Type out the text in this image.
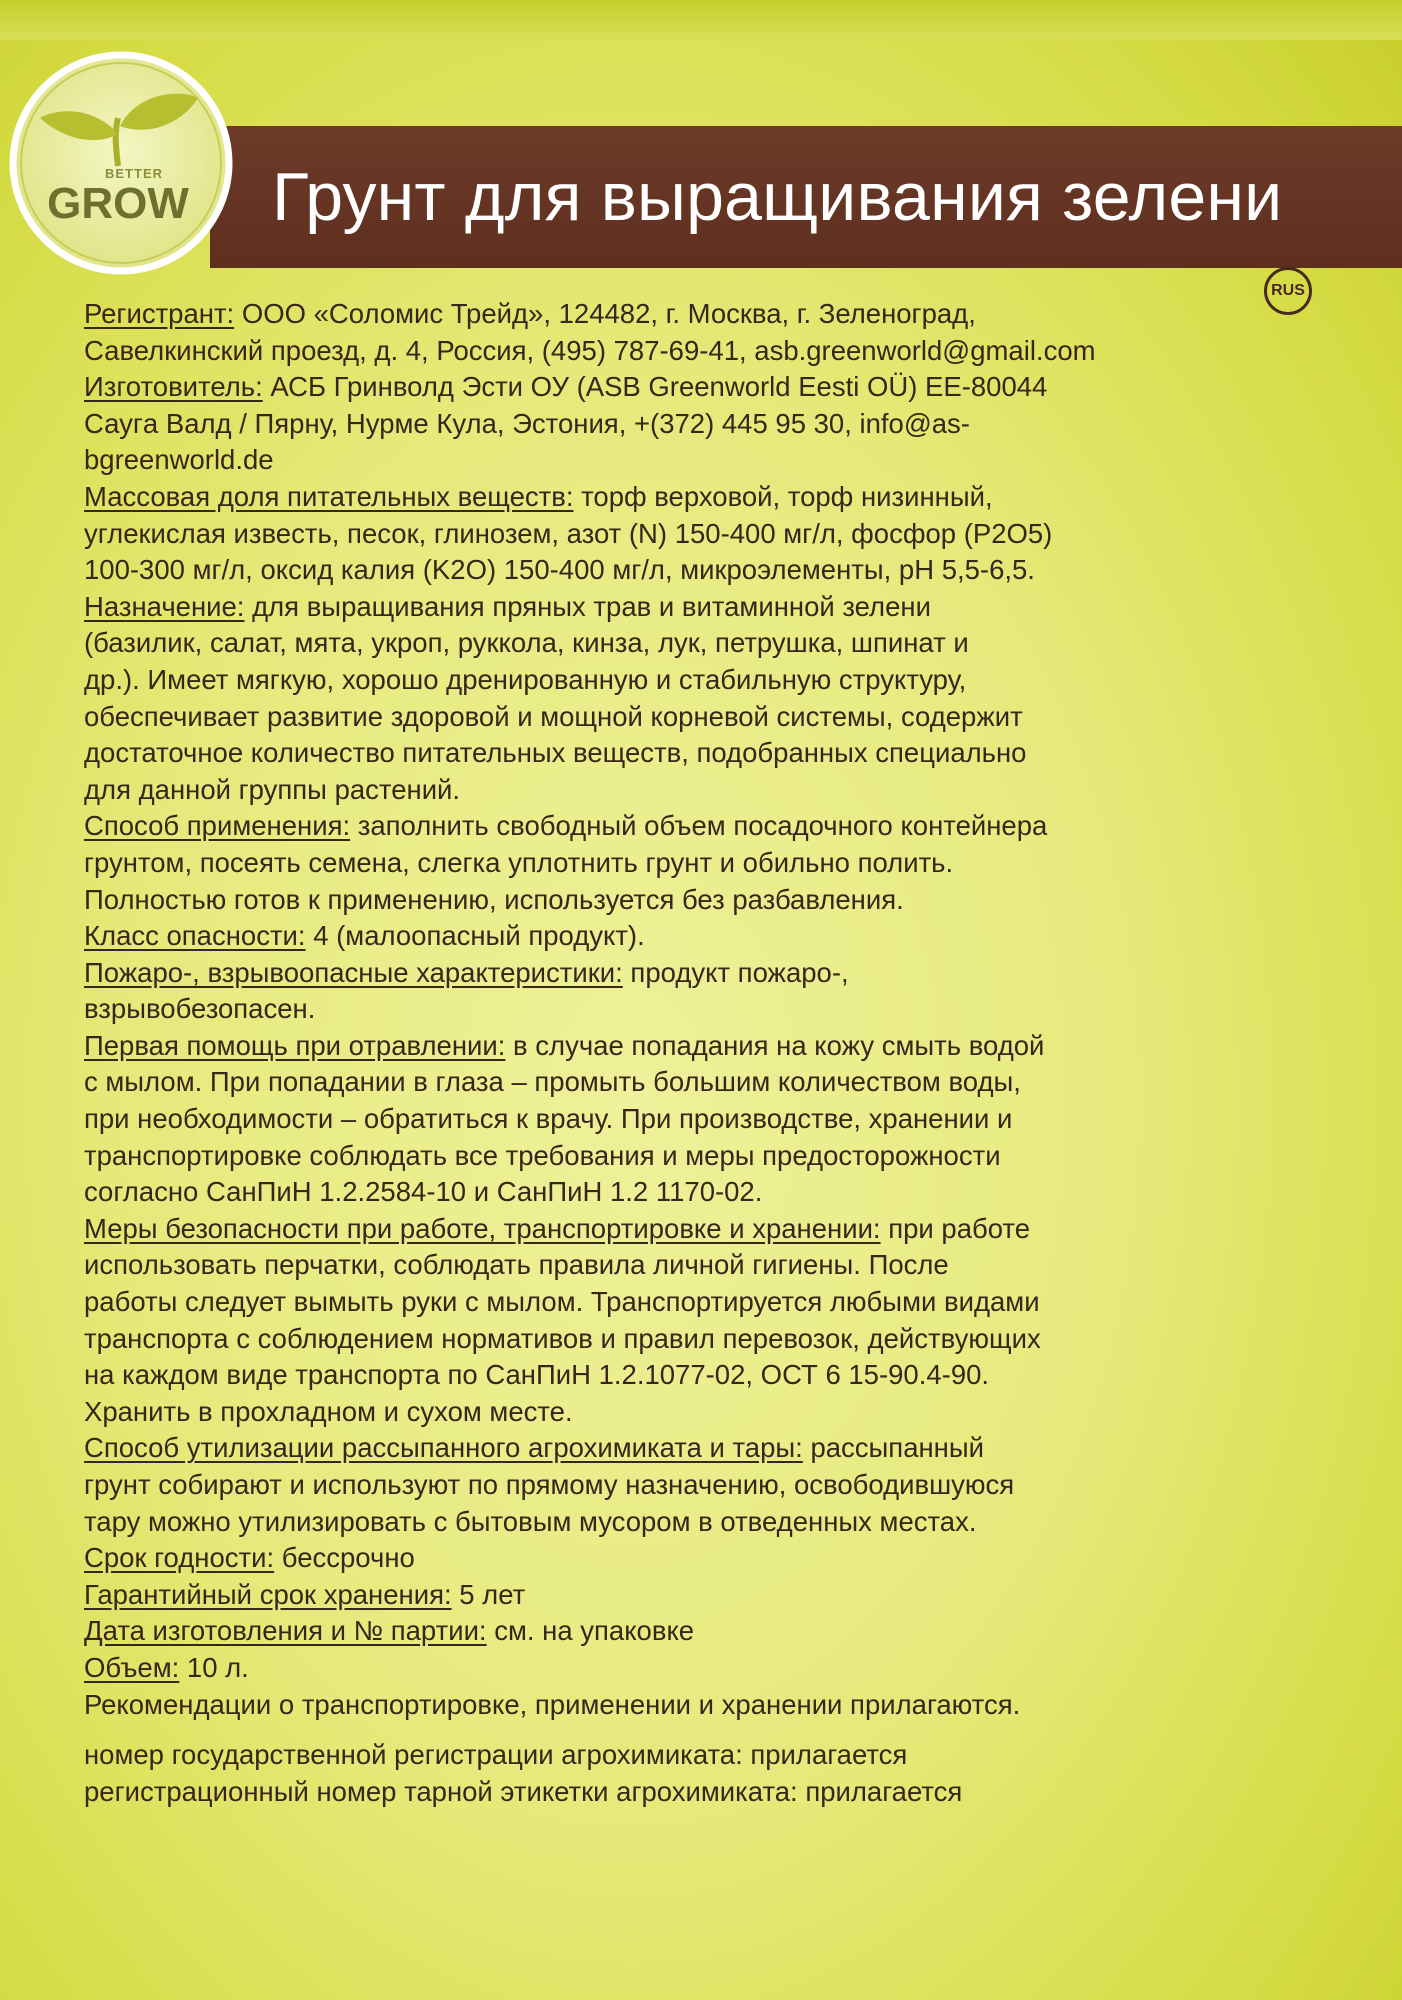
Грунт для выращивания зелени
BETTER
GROW
RUS
Регистрант: ООО «Соломис Трейд», 124482, г. Москва, г. Зеленоград,
Савелкинский проезд, д. 4, Россия, (495) 787-69-41, asb.greenworld@gmail.com
Изготовитель: АСБ Гринволд Эсти ОУ (ASB Greenworld Eesti OÜ) EE-80044
Саугa Валд / Пярну, Нурме Кула, Эстония, +(372) 445 95 30, info@as-
bgreenworld.de
Массовая доля питательных веществ: торф верховой, торф низинный,
углекислая известь, песок, глинозем, азот (N) 150-400 мг/л, фосфор (P2O5)
100-300 мг/л, оксид калия (K2O) 150-400 мг/л, микроэлементы, pH 5,5-6,5.
Назначение: для выращивания пряных трав и витаминной зелени
(базилик, салат, мята, укроп, руккола, кинза, лук, петрушка, шпинат и
др.). Имеет мягкую, хорошо дренированную и стабильную структуру,
обеспечивает развитие здоровой и мощной корневой системы, содержит
достаточное количество питательных веществ, подобранных специально
для данной группы растений.
Способ применения: заполнить свободный объем посадочного контейнера
грунтом, посеять семена, слегка уплотнить грунт и обильно полить.
Полностью готов к применению, используется без разбавления.
Класс опасности: 4 (малоопасный продукт).
Пожаро-, взрывоопасные характеристики: продукт пожаро-,
взрывобезопасен.
Первая помощь при отравлении: в случае попадания на кожу смыть водой
с мылом. При попадании в глаза – промыть большим количеством воды,
при необходимости – обратиться к врачу. При производстве, хранении и
транспортировке соблюдать все требования и меры предосторожности
согласно СанПиН 1.2.2584-10 и СанПиН 1.2 1170-02.
Меры безопасности при работе, транспортировке и хранении: при работе
использовать перчатки, соблюдать правила личной гигиены. После
работы следует вымыть руки с мылом. Транспортируется любыми видами
транспорта с соблюдением нормативов и правил перевозок, действующих
на каждом виде транспорта по СанПиН 1.2.1077-02, ОСТ 6 15-90.4-90.
Хранить в прохладном и сухом месте.
Способ утилизации рассыпанного агрохимиката и тары: рассыпанный
грунт собирают и используют по прямому назначению, освободившуюся
тару можно утилизировать с бытовым мусором в отведенных местах.
Срок годности: бессрочно
Гарантийный срок хранения: 5 лет
Дата изготовления и № партии: см. на упаковке
Объем: 10 л.
Рекомендации о транспортировке, применении и хранении прилагаются.
номер государственной регистрации агрохимиката: прилагается
регистрационный номер тарной этикетки агрохимиката: прилагается
